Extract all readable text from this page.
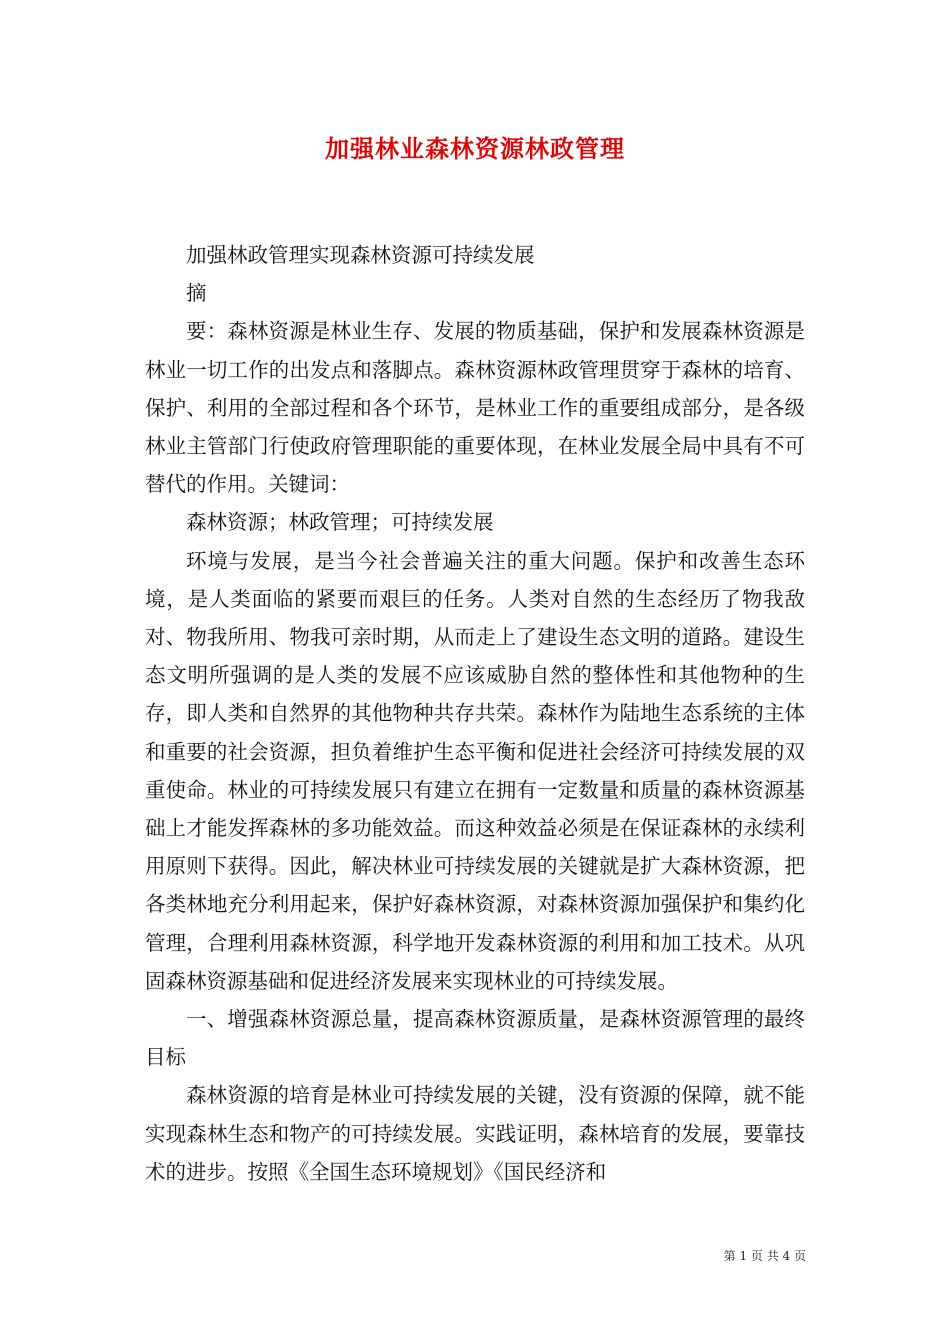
加强林业森林资源林政管理

加强林政管理实现森林资源可持续发展

摘

要：森林资源是林业生存、发展的物质基础，保护和发展森林资源是林业一切工作的出发点和落脚点。森林资源林政管理贯穿于森林的培育、保护、利用的全部过程和各个环节，是林业工作的重要组成部分，是各级林业主管部门行使政府管理职能的重要体现，在林业发展全局中具有不可替代的作用。关键词：

森林资源；林政管理；可持续发展

环境与发展，是当今社会普遍关注的重大问题。保护和改善生态环境，是人类面临的紧要而艰巨的任务。人类对自然的生态经历了物我敌对、物我所用、物我可亲时期，从而走上了建设生态文明的道路。建设生态文明所强调的是人类的发展不应该威胁自然的整体性和其他物种的生存，即人类和自然界的其他物种共存共荣。森林作为陆地生态系统的主体和重要的社会资源，担负着维护生态平衡和促进社会经济可持续发展的双重使命。林业的可持续发展只有建立在拥有一定数量和质量的森林资源基础上才能发挥森林的多功能效益。而这种效益必须是在保证森林的永续利用原则下获得。因此，解决林业可持续发展的关键就是扩大森林资源，把各类林地充分利用起来，保护好森林资源，对森林资源加强保护和集约化管理，合理利用森林资源，科学地开发森林资源的利用和加工技术。从巩固森林资源基础和促进经济发展来实现林业的可持续发展。

一、增强森林资源总量，提高森林资源质量，是森林资源管理的最终目标

森林资源的培育是林业可持续发展的关键，没有资源的保障，就不能实现森林生态和物产的可持续发展。实践证明，森林培育的发展，要靠技术的进步。按照《全国生态环境规划》《国民经济和

第 1 页 共 4 页
